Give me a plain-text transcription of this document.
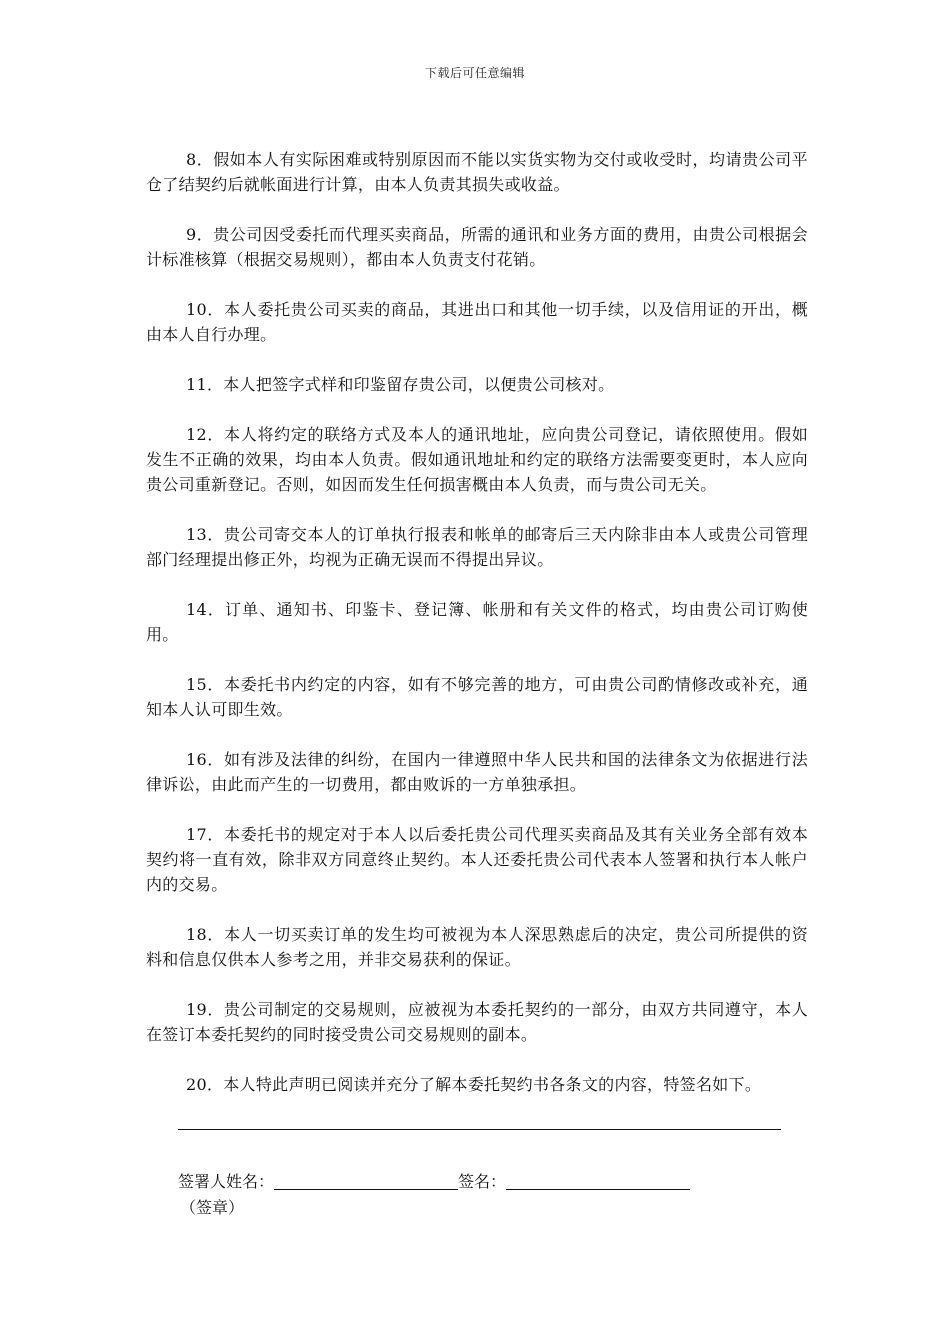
下载后可任意编辑

8．假如本人有实际困难或特别原因而不能以实货实物为交付或收受时，均请贵公司平仓了结契约后就帐面进行计算，由本人负责其损失或收益。

9．贵公司因受委托而代理买卖商品，所需的通讯和业务方面的费用，由贵公司根据会计标准核算（根据交易规则），都由本人负责支付花销。

10．本人委托贵公司买卖的商品，其进出口和其他一切手续，以及信用证的开出，概由本人自行办理。

11．本人把签字式样和印鉴留存贵公司，以便贵公司核对。

12．本人将约定的联络方式及本人的通讯地址，应向贵公司登记，请依照使用。假如发生不正确的效果，均由本人负责。假如通讯地址和约定的联络方法需要变更时，本人应向贵公司重新登记。否则，如因而发生任何损害概由本人负责，而与贵公司无关。

13．贵公司寄交本人的订单执行报表和帐单的邮寄后三天内除非由本人或贵公司管理部门经理提出修正外，均视为正确无误而不得提出异议。

14．订单、通知书、印鉴卡、登记簿、帐册和有关文件的格式，均由贵公司订购使用。

15．本委托书内约定的内容，如有不够完善的地方，可由贵公司酌情修改或补充，通知本人认可即生效。

16．如有涉及法律的纠纷，在国内一律遵照中华人民共和国的法律条文为依据进行法律诉讼，由此而产生的一切费用，都由败诉的一方单独承担。

17．本委托书的规定对于本人以后委托贵公司代理买卖商品及其有关业务全部有效本契约将一直有效，除非双方同意终止契约。本人还委托贵公司代表本人签署和执行本人帐户内的交易。

18．本人一切买卖订单的发生均可被视为本人深思熟虑后的决定，贵公司所提供的资料和信息仅供本人参考之用，并非交易获利的保证。

19．贵公司制定的交易规则，应被视为本委托契约的一部分，由双方共同遵守，本人在签订本委托契约的同时接受贵公司交易规则的副本。

20．本人特此声明已阅读并充分了解本委托契约书各条文的内容，特签名如下。

签署人姓名：	签名：
（签章）
